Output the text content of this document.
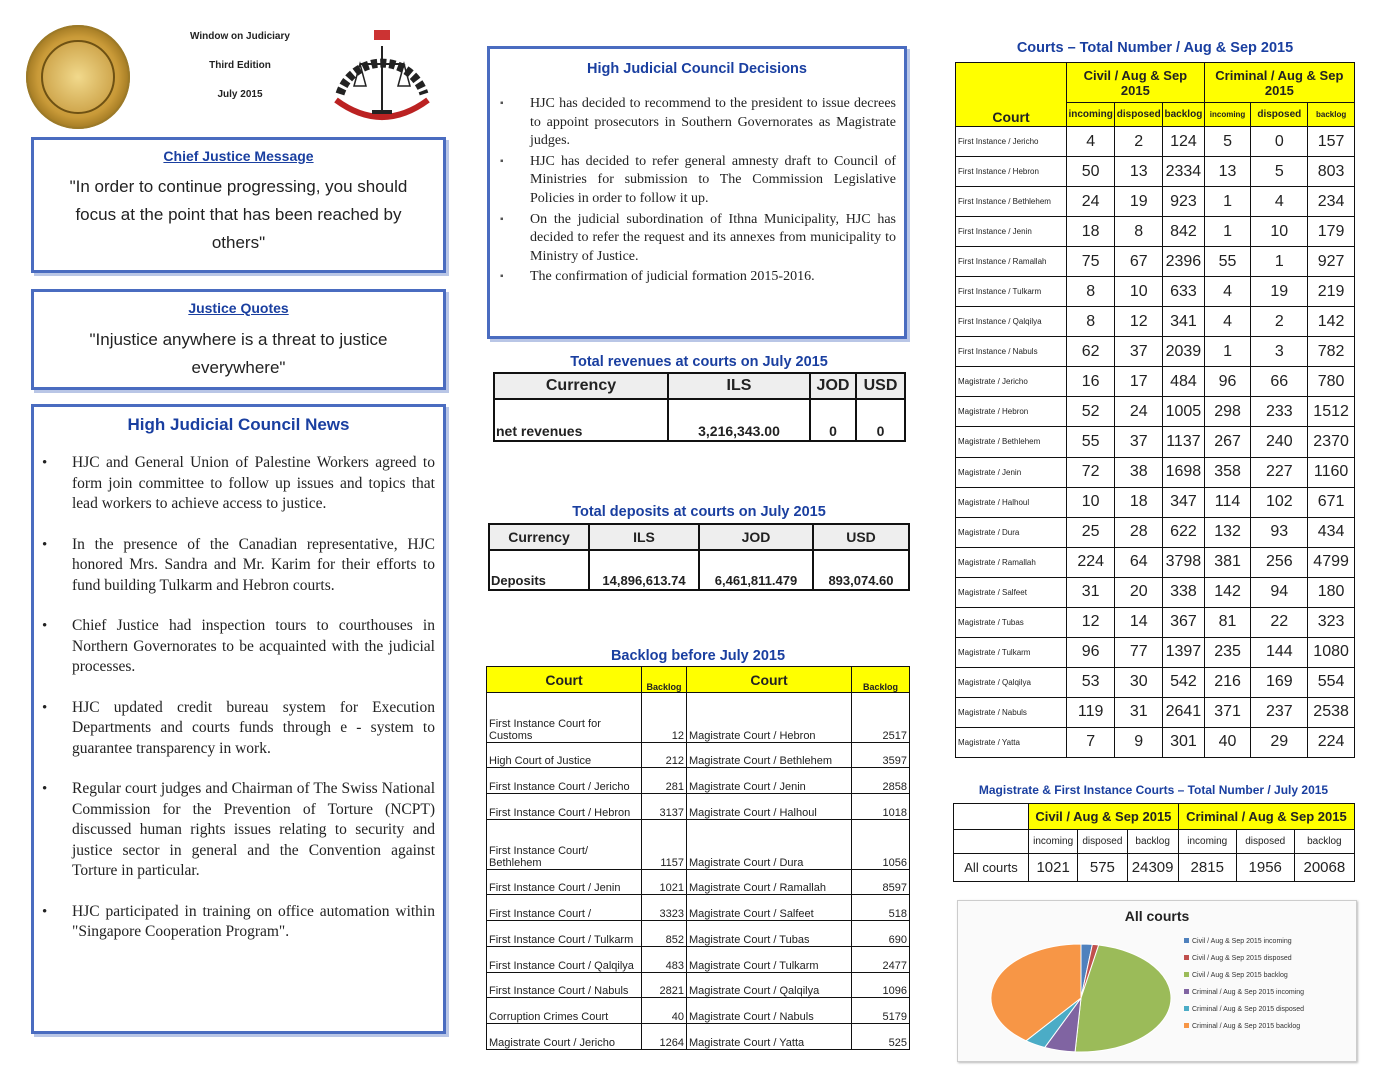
Window on Judiciary
Third Edition
July 2015
Chief Justice Message
"In order to continue progressing, you should focus at the point that has been reached by others"
Justice Quotes
"Injustice anywhere is a threat to justice everywhere"
High Judicial Council News
• HJC and General Union of Palestine Workers agreed to form join committee to follow up issues and topics that lead workers to achieve access to justice.
• In the presence of the Canadian representative, HJC honored Mrs. Sandra and Mr. Karim for their efforts to fund building Tulkarm and Hebron courts.
• Chief Justice had inspection tours to courthouses in Northern Governorates to be acquainted with the judicial processes.
• HJC updated credit bureau system for Execution Departments and courts funds through e - system to guarantee transparency in work.
• Regular court judges and Chairman of The Swiss National Commission for the Prevention of Torture (NCPT) discussed human rights issues relating to security and justice sector in general and the Convention against Torture in particular.
• HJC participated in training on office automation within "Singapore Cooperation Program".
High Judicial Council Decisions
▪ HJC has decided to recommend to the president to issue decrees to appoint prosecutors in Southern Governorates as Magistrate judges.
▪ HJC has decided to refer general amnesty draft to Council of Ministries for submission to The Commission Legislative Policies in order to follow it up.
▪ On the judicial subordination of Ithna Municipality, HJC has decided to refer the request and its annexes from municipality to Ministry of Justice.
▪ The confirmation of judicial formation 2015-2016.
Total revenues at courts on July 2015
Currency	ILS	JOD	USD
net revenues	3,216,343.00	0	0
Total deposits at courts on July 2015
Currency	ILS	JOD	USD
Deposits	14,896,613.74	6,461,811.479	893,074.60
Backlog before July 2015
Court	Backlog	Court	Backlog
First Instance Court for Customs	12	Magistrate Court / Hebron	2517
High Court of Justice	212	Magistrate Court / Bethlehem	3597
First Instance Court / Jericho	281	Magistrate Court / Jenin	2858
First Instance Court / Hebron	3137	Magistrate Court / Halhoul	1018
First Instance Court/ Bethlehem	1157	Magistrate Court / Dura	1056
First Instance Court / Jenin	1021	Magistrate Court / Ramallah	8597
First Instance Court /	3323	Magistrate Court / Salfeet	518
First Instance Court / Tulkarm	852	Magistrate Court / Tubas	690
First Instance Court / Qalqilya	483	Magistrate Court / Tulkarm	2477
First Instance Court / Nabuls	2821	Magistrate Court / Qalqilya	1096
Corruption Crimes Court	40	Magistrate Court / Nabuls	5179
Magistrate Court / Jericho	1264	Magistrate Court / Yatta	525
Courts – Total Number / Aug & Sep 2015
Court	Civil / Aug & Sep 2015			Criminal / Aug & Sep 2015		
	incoming	disposed	backlog	incoming	disposed	backlog
First Instance / Jericho	4	2	124	5	0	157
First Instance / Hebron	50	13	2334	13	5	803
First Instance / Bethlehem	24	19	923	1	4	234
First Instance / Jenin	18	8	842	1	10	179
First Instance / Ramallah	75	67	2396	55	1	927
First Instance / Tulkarm	8	10	633	4	19	219
First Instance / Qalqilya	8	12	341	4	2	142
First Instance / Nabuls	62	37	2039	1	3	782
Magistrate / Jericho	16	17	484	96	66	780
Magistrate / Hebron	52	24	1005	298	233	1512
Magistrate / Bethlehem	55	37	1137	267	240	2370
Magistrate / Jenin	72	38	1698	358	227	1160
Magistrate / Halhoul	10	18	347	114	102	671
Magistrate / Dura	25	28	622	132	93	434
Magistrate / Ramallah	224	64	3798	381	256	4799
Magistrate / Salfeet	31	20	338	142	94	180
Magistrate / Tubas	12	14	367	81	22	323
Magistrate / Tulkarm	96	77	1397	235	144	1080
Magistrate / Qalqilya	53	30	542	216	169	554
Magistrate / Nabuls	119	31	2641	371	237	2538
Magistrate / Yatta	7	9	301	40	29	224
Magistrate & First Instance Courts – Total Number / July 2015
	Civil / Aug & Sep 2015			Criminal / Aug & Sep 2015		
	incoming	disposed	backlog	incoming	disposed	backlog
All courts	1021	575	24309	2815	1956	20068
All courts
Civil / Aug & Sep 2015 incoming
Civil / Aug & Sep 2015 disposed
Civil / Aug & Sep 2015 backlog
Criminal / Aug & Sep 2015 incoming
Criminal / Aug & Sep 2015 disposed
Criminal / Aug & Sep 2015 backlog
